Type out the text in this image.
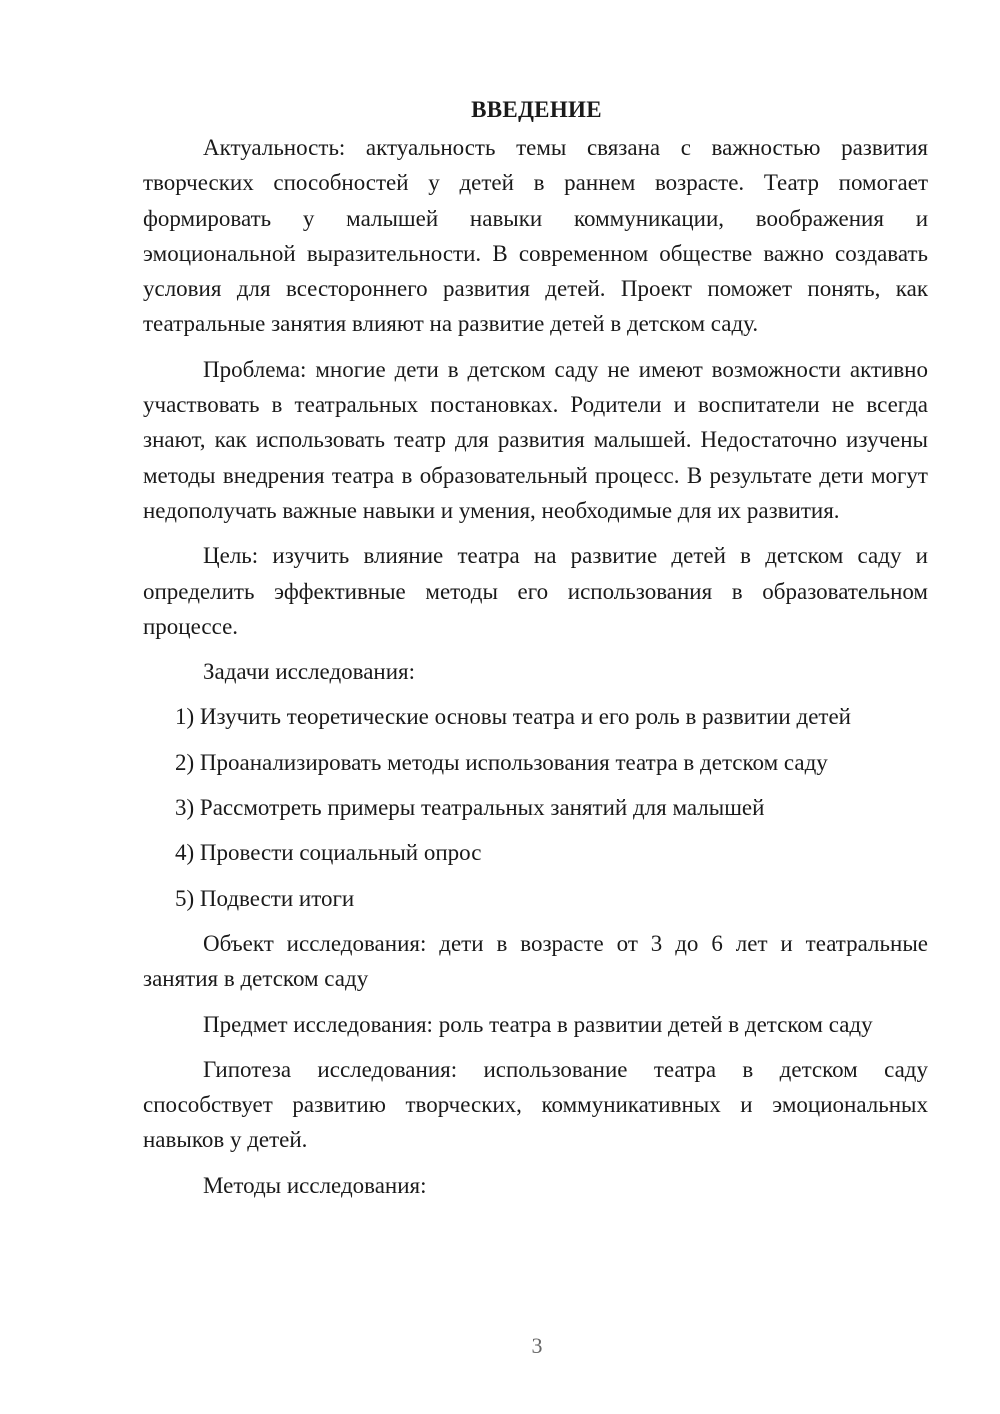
ВВЕДЕНИЕ

Актуальность: актуальность темы связана с важностью развития творческих способностей у детей в раннем возрасте. Театр помогает формировать у малышей навыки коммуникации, воображения и эмоциональной выразительности. В современном обществе важно создавать условия для всестороннего развития детей. Проект поможет понять, как театральные занятия влияют на развитие детей в детском саду.

Проблема: многие дети в детском саду не имеют возможности активно участвовать в театральных постановках. Родители и воспитатели не всегда знают, как использовать театр для развития малышей. Недостаточно изучены методы внедрения театра в образовательный процесс. В результате дети могут недополучать важные навыки и умения, необходимые для их развития.

Цель: изучить влияние театра на развитие детей в детском саду и определить эффективные методы его использования в образовательном процессе.

Задачи исследования:

1) Изучить теоретические основы театра и его роль в развитии детей
2) Проанализировать методы использования театра в детском саду
3) Рассмотреть примеры театральных занятий для малышей
4) Провести социальный опрос
5) Подвести итоги

Объект исследования: дети в возрасте от 3 до 6 лет и театральные занятия в детском саду

Предмет исследования: роль театра в развитии детей в детском саду

Гипотеза исследования: использование театра в детском саду способствует развитию творческих, коммуникативных и эмоциональных навыков у детей.

Методы исследования:

3
